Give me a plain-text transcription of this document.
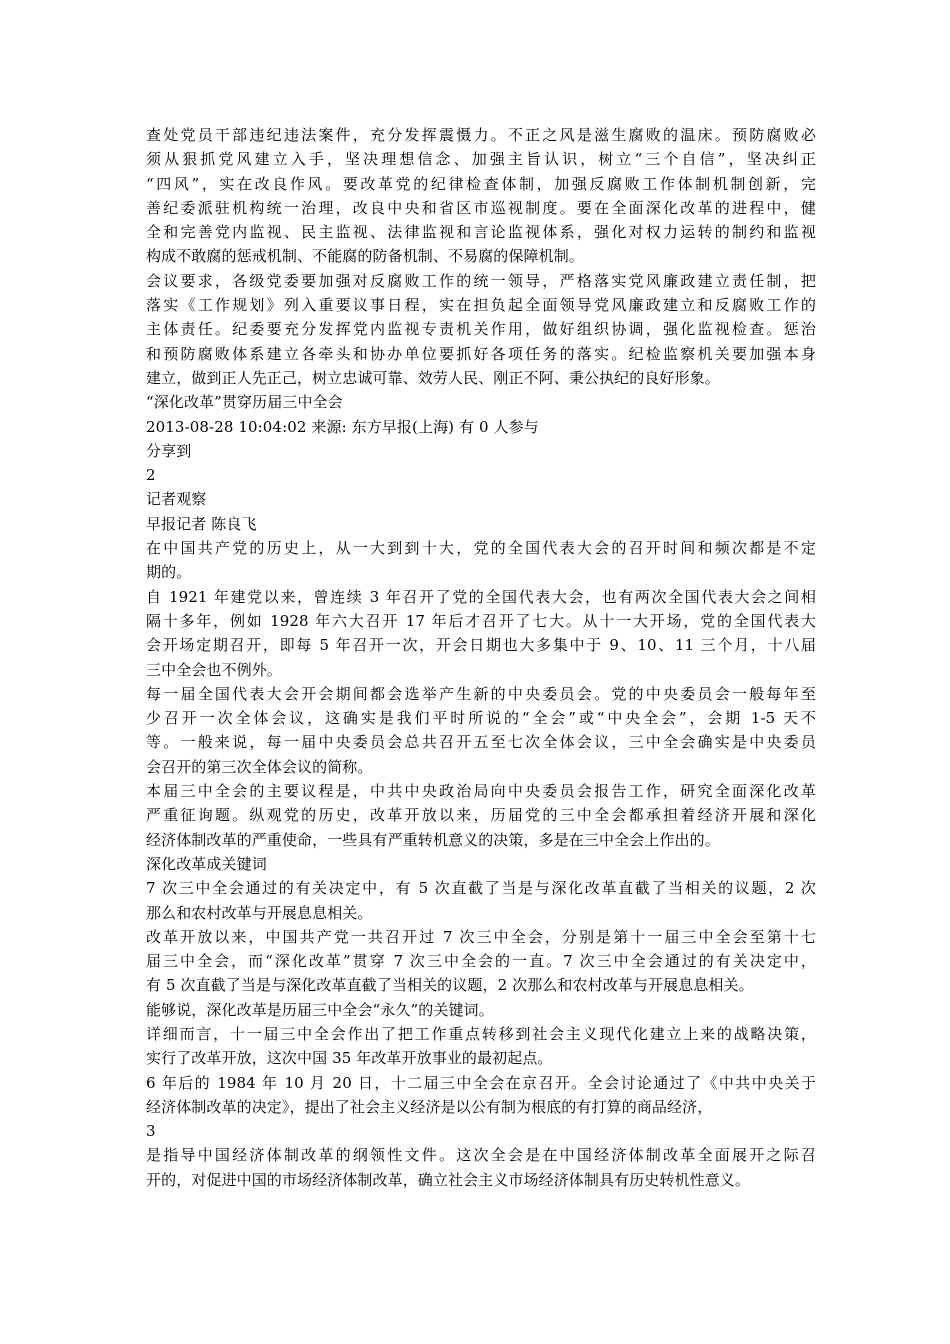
查处党员干部违纪违法案件，充分发挥震慑力。不正之风是滋生腐败的温床。预防腐败必
须从狠抓党风建立入手，坚决理想信念、加强主旨认识，树立“三个自信”，坚决纠正
“四风”，实在改良作风。要改革党的纪律检查体制，加强反腐败工作体制机制创新，完
善纪委派驻机构统一治理，改良中央和省区市巡视制度。要在全面深化改革的进程中，健
全和完善党内监视、民主监视、法律监视和言论监视体系，强化对权力运转的制约和监视
构成不敢腐的惩戒机制、不能腐的防备机制、不易腐的保障机制。
会议要求，各级党委要加强对反腐败工作的统一领导，严格落实党风廉政建立责任制，把
落实《工作规划》列入重要议事日程，实在担负起全面领导党风廉政建立和反腐败工作的
主体责任。纪委要充分发挥党内监视专责机关作用，做好组织协调，强化监视检查。惩治
和预防腐败体系建立各牵头和协办单位要抓好各项任务的落实。纪检监察机关要加强本身
建立，做到正人先正己，树立忠诚可靠、效劳人民、刚正不阿、秉公执纪的良好形象。
“深化改革”贯穿历届三中全会
2013-08-28 10:04:02 来源: 东方早报(上海) 有 0 人参与
分享到
2
记者观察
早报记者 陈良飞
在中国共产党的历史上，从一大到到十大，党的全国代表大会的召开时间和频次都是不定
期的。
自 1921 年建党以来，曾连续 3 年召开了党的全国代表大会，也有两次全国代表大会之间相
隔十多年，例如 1928 年六大召开 17 年后才召开了七大。从十一大开场，党的全国代表大
会开场定期召开，即每 5 年召开一次，开会日期也大多集中于 9、10、11 三个月，十八届
三中全会也不例外。
每一届全国代表大会开会期间都会选举产生新的中央委员会。党的中央委员会一般每年至
少召开一次全体会议，这确实是我们平时所说的“全会”或“中央全会”，会期 1-5 天不
等。一般来说，每一届中央委员会总共召开五至七次全体会议，三中全会确实是中央委员
会召开的第三次全体会议的简称。
本届三中全会的主要议程是，中共中央政治局向中央委员会报告工作，研究全面深化改革
严重征询题。纵观党的历史，改革开放以来，历届党的三中全会都承担着经济开展和深化
经济体制改革的严重使命，一些具有严重转机意义的决策，多是在三中全会上作出的。
深化改革成关键词
7 次三中全会通过的有关决定中，有 5 次直截了当是与深化改革直截了当相关的议题，2 次
那么和农村改革与开展息息相关。
改革开放以来，中国共产党一共召开过 7 次三中全会，分别是第十一届三中全会至第十七
届三中全会，而“深化改革”贯穿 7 次三中全会的一直。7 次三中全会通过的有关决定中，
有 5 次直截了当是与深化改革直截了当相关的议题，2 次那么和农村改革与开展息息相关。
能够说，深化改革是历届三中全会“永久”的关键词。
详细而言，十一届三中全会作出了把工作重点转移到社会主义现代化建立上来的战略决策，
实行了改革开放，这次中国 35 年改革开放事业的最初起点。
6 年后的 1984 年 10 月 20 日，十二届三中全会在京召开。全会讨论通过了《中共中央关于
经济体制改革的决定》，提出了社会主义经济是以公有制为根底的有打算的商品经济，
3
是指导中国经济体制改革的纲领性文件。这次全会是在中国经济体制改革全面展开之际召
开的，对促进中国的市场经济体制改革，确立社会主义市场经济体制具有历史转机性意义。
